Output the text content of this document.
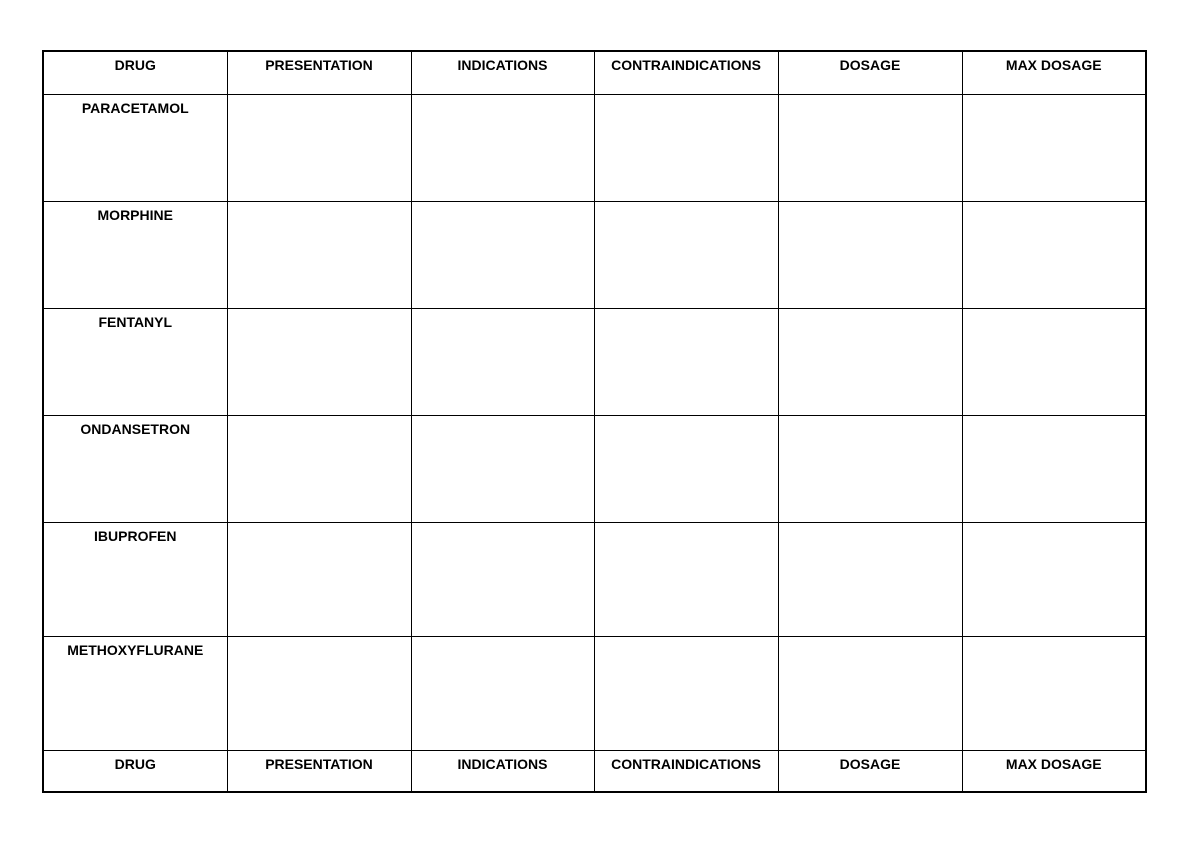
DRUG	PRESENTATION	INDICATIONS	CONTRAINDICATIONS	DOSAGE	MAX DOSAGE
PARACETAMOL					
MORPHINE					
FENTANYL					
ONDANSETRON					
IBUPROFEN					
METHOXYFLURANE					
DRUG	PRESENTATION	INDICATIONS	CONTRAINDICATIONS	DOSAGE	MAX DOSAGE
